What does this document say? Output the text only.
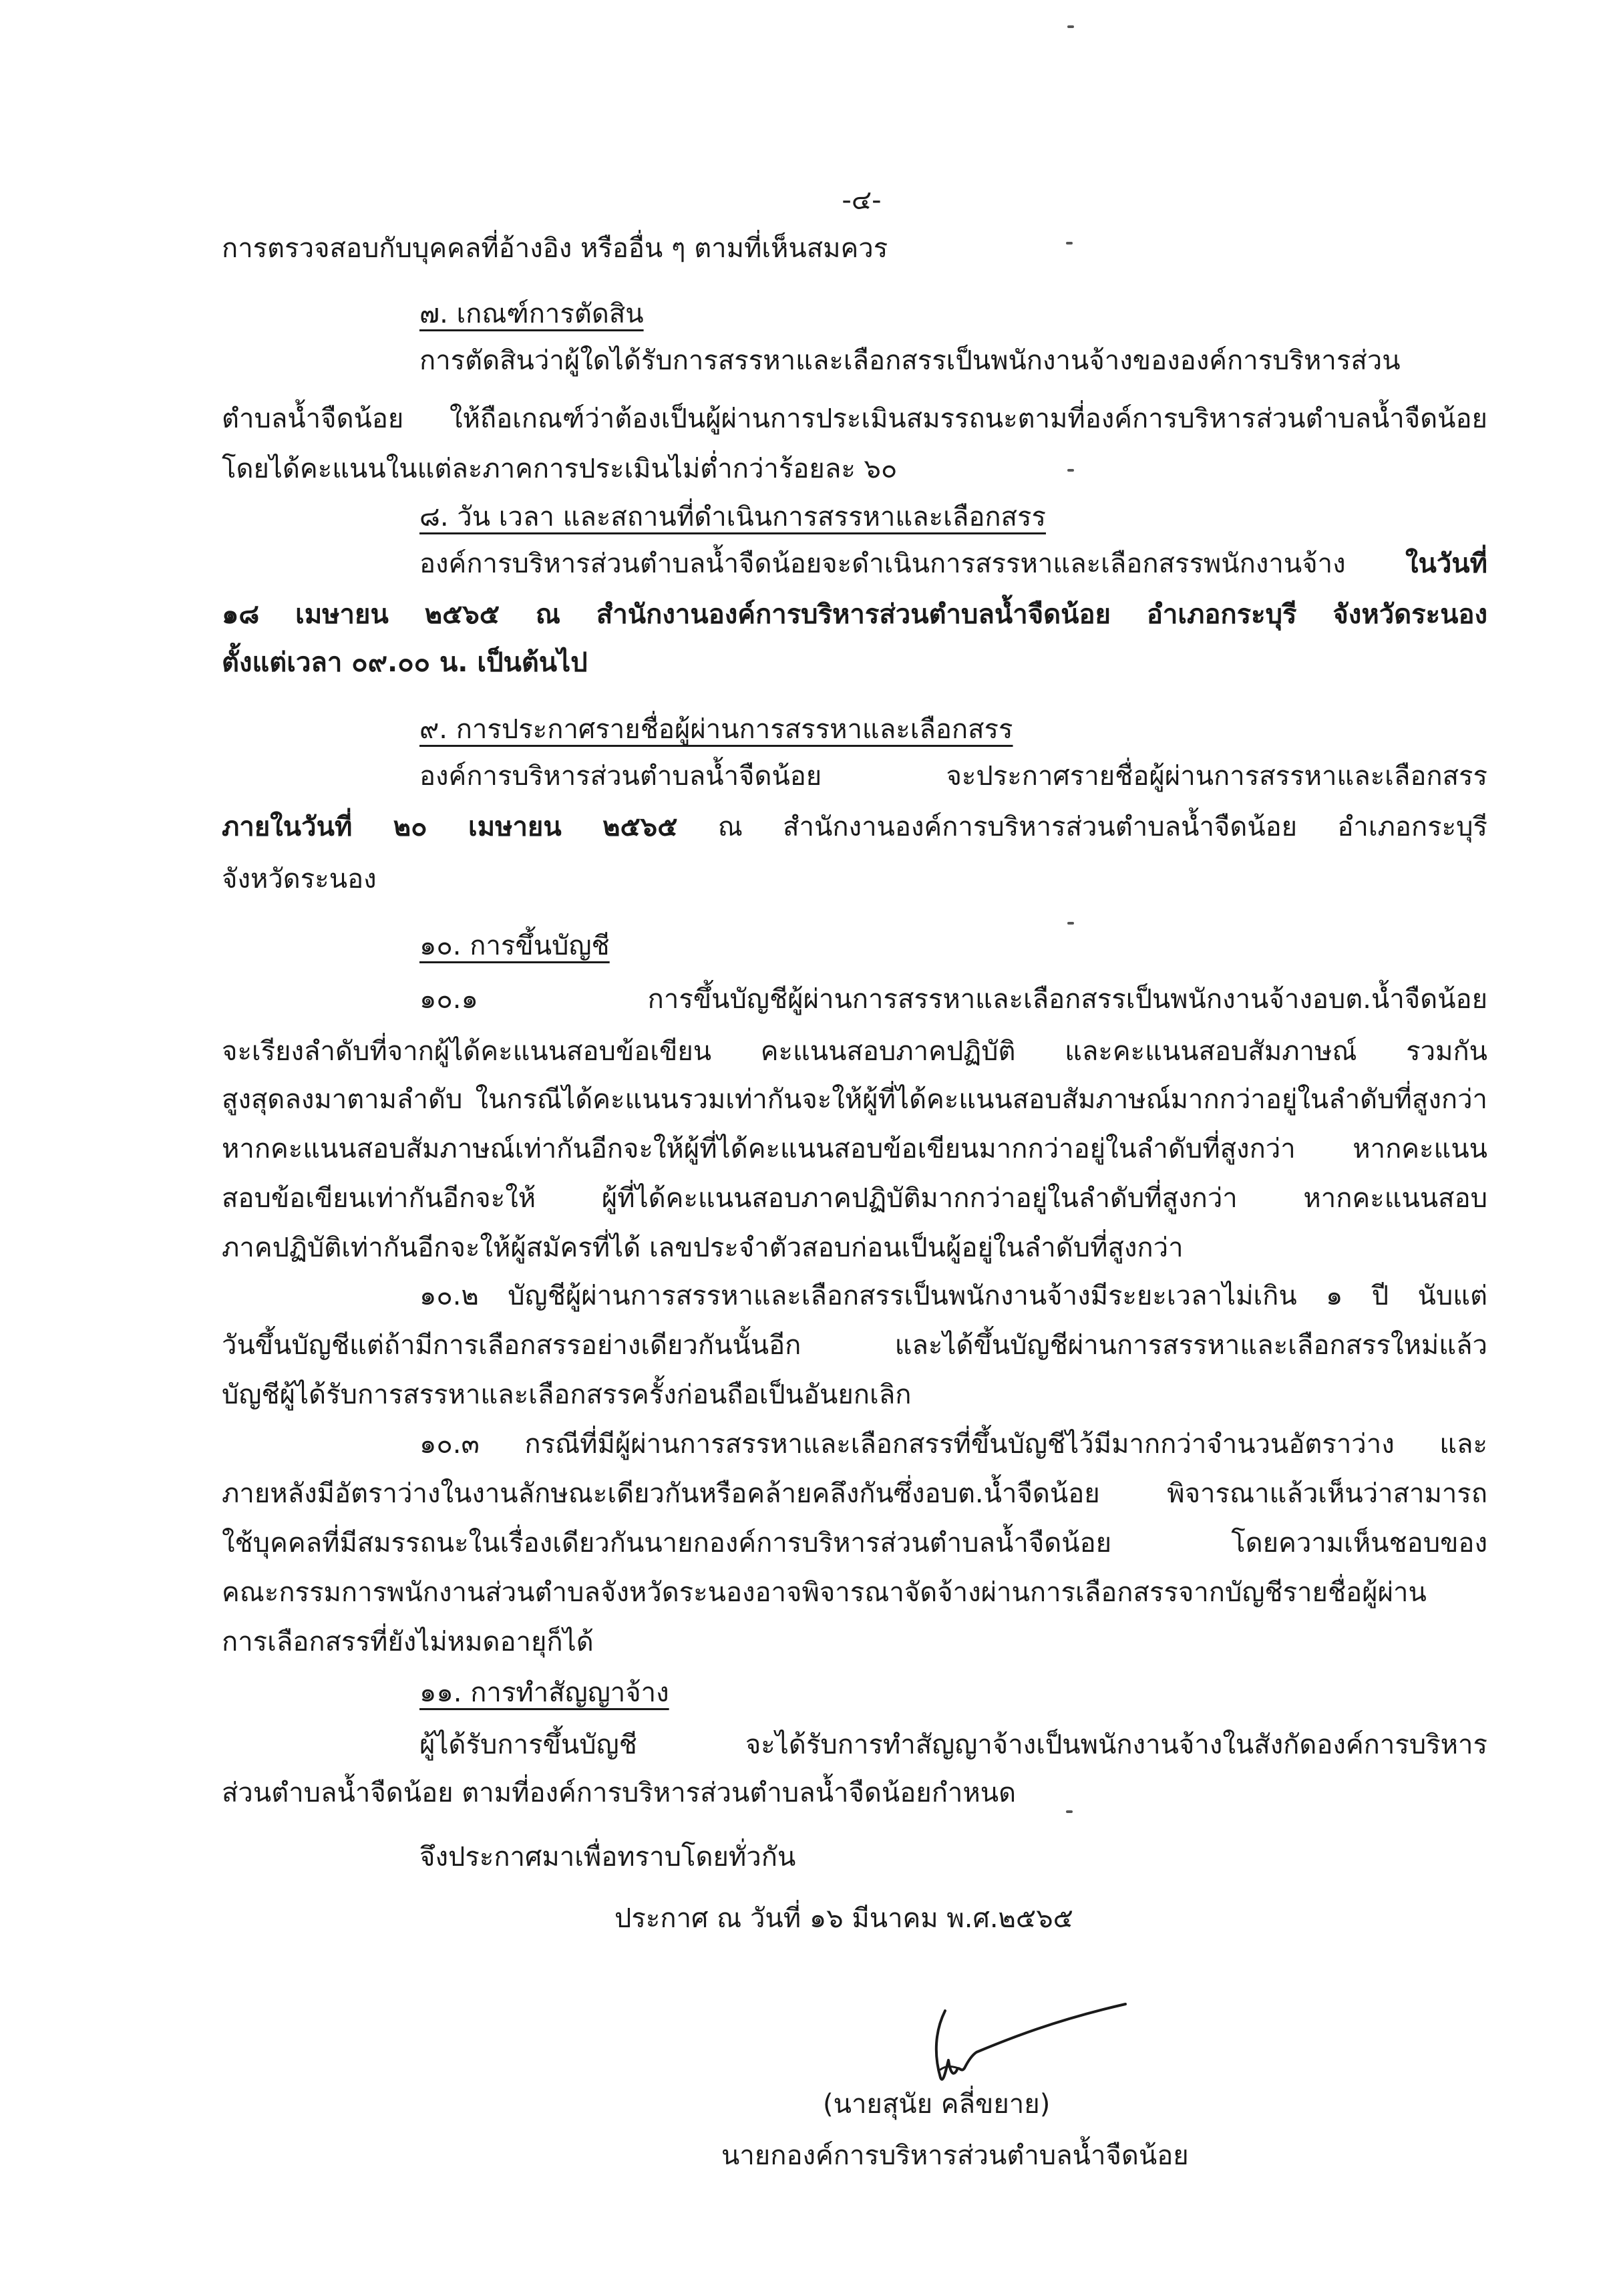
-๔-
การตรวจสอบกับบุคคลที่อ้างอิง หรืออื่น ๆ ตามที่เห็นสมควร
๗. เกณฑ์การตัดสิน
การตัดสินว่าผู้ใดได้รับการสรรหาและเลือกสรรเป็นพนักงานจ้างขององค์การบริหารส่วน
ตำบลน้ำจืดน้อย ให้ถือเกณฑ์ว่าต้องเป็นผู้ผ่านการประเมินสมรรถนะตามที่องค์การบริหารส่วนตำบลน้ำจืดน้อย
โดยได้คะแนนในแต่ละภาคการประเมินไม่ต่ำกว่าร้อยละ ๖๐
๘. วัน เวลา และสถานที่ดำเนินการสรรหาและเลือกสรร
องค์การบริหารส่วนตำบลน้ำจืดน้อยจะดำเนินการสรรหาและเลือกสรรพนักงานจ้าง ในวันที่
๑๘ เมษายน ๒๕๖๕ ณ สำนักงานองค์การบริหารส่วนตำบลน้ำจืดน้อย อำเภอกระบุรี จังหวัดระนอง
ตั้งแต่เวลา ๐๙.๐๐ น. เป็นต้นไป
๙. การประกาศรายชื่อผู้ผ่านการสรรหาและเลือกสรร
องค์การบริหารส่วนตำบลน้ำจืดน้อย จะประกาศรายชื่อผู้ผ่านการสรรหาและเลือกสรร
ภายในวันที่ ๒๐ เมษายน ๒๕๖๕ ณ สำนักงานองค์การบริหารส่วนตำบลน้ำจืดน้อย อำเภอกระบุรี
จังหวัดระนอง
๑๐. การขึ้นบัญชี
๑๐.๑ การขึ้นบัญชีผู้ผ่านการสรรหาและเลือกสรรเป็นพนักงานจ้างอบต.น้ำจืดน้อย
จะเรียงลำดับที่จากผู้ได้คะแนนสอบข้อเขียน คะแนนสอบภาคปฏิบัติ และคะแนนสอบสัมภาษณ์ รวมกัน
สูงสุดลงมาตามลำดับ ในกรณีได้คะแนนรวมเท่ากันจะให้ผู้ที่ได้คะแนนสอบสัมภาษณ์มากกว่าอยู่ในลำดับที่สูงกว่า
หากคะแนนสอบสัมภาษณ์เท่ากันอีกจะให้ผู้ที่ได้คะแนนสอบข้อเขียนมากกว่าอยู่ในลำดับที่สูงกว่า หากคะแนน
สอบข้อเขียนเท่ากันอีกจะให้ ผู้ที่ได้คะแนนสอบภาคปฏิบัติมากกว่าอยู่ในลำดับที่สูงกว่า หากคะแนนสอบ
ภาคปฏิบัติเท่ากันอีกจะให้ผู้สมัครที่ได้ เลขประจำตัวสอบก่อนเป็นผู้อยู่ในลำดับที่สูงกว่า
๑๐.๒ บัญชีผู้ผ่านการสรรหาและเลือกสรรเป็นพนักงานจ้างมีระยะเวลาไม่เกิน ๑ ปี นับแต่
วันขึ้นบัญชีแต่ถ้ามีการเลือกสรรอย่างเดียวกันนั้นอีก และได้ขึ้นบัญชีผ่านการสรรหาและเลือกสรรใหม่แล้ว
บัญชีผู้ได้รับการสรรหาและเลือกสรรครั้งก่อนถือเป็นอันยกเลิก
๑๐.๓ กรณีที่มีผู้ผ่านการสรรหาและเลือกสรรที่ขึ้นบัญชีไว้มีมากกว่าจำนวนอัตราว่าง และ
ภายหลังมีอัตราว่างในงานลักษณะเดียวกันหรือคล้ายคลึงกันซึ่งอบต.น้ำจืดน้อย พิจารณาแล้วเห็นว่าสามารถ
ใช้บุคคลที่มีสมรรถนะในเรื่องเดียวกันนายกองค์การบริหารส่วนตำบลน้ำจืดน้อย โดยความเห็นชอบของ
คณะกรรมการพนักงานส่วนตำบลจังหวัดระนองอาจพิจารณาจัดจ้างผ่านการเลือกสรรจากบัญชีรายชื่อผู้ผ่าน
การเลือกสรรที่ยังไม่หมดอายุก็ได้
๑๑. การทำสัญญาจ้าง
ผู้ได้รับการขึ้นบัญชี จะได้รับการทำสัญญาจ้างเป็นพนักงานจ้างในสังกัดองค์การบริหาร
ส่วนตำบลน้ำจืดน้อย ตามที่องค์การบริหารส่วนตำบลน้ำจืดน้อยกำหนด
จึงประกาศมาเพื่อทราบโดยทั่วกัน
ประกาศ ณ วันที่ ๑๖ มีนาคม พ.ศ.๒๕๖๕
(นายสุนัย คลี่ขยาย)
นายกองค์การบริหารส่วนตำบลน้ำจืดน้อย
